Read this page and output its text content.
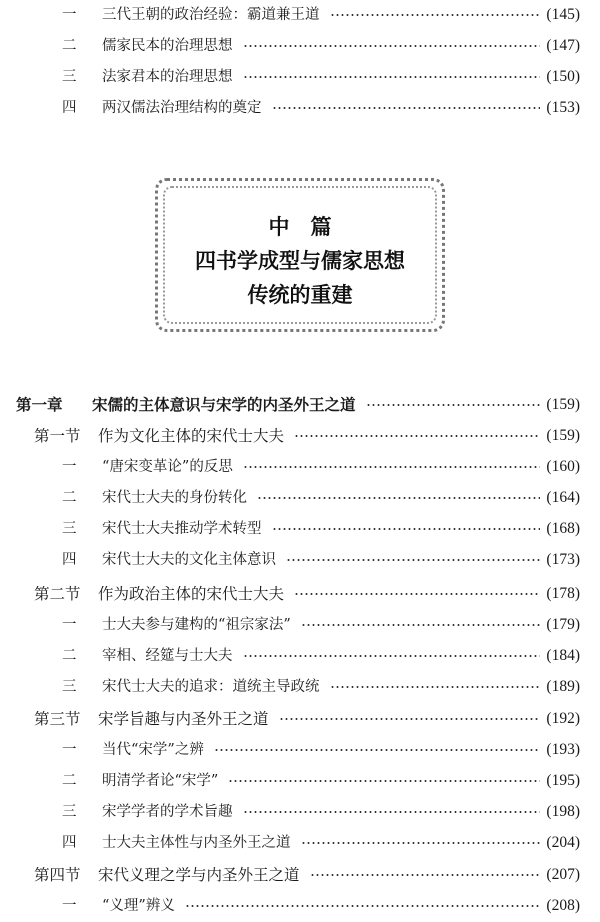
一	三代王朝的政治经验：霸道兼王道	(145)
二	儒家民本的治理思想	(147)
三	法家君本的治理思想	(150)
四	两汉儒法治理结构的奠定	(153)
中　篇
四书学成型与儒家思想
传统的重建
第一章	宋儒的主体意识与宋学的内圣外王之道	(159)
第一节	作为文化主体的宋代士大夫	(159)
一	“唐宋变革论”的反思	(160)
二	宋代士大夫的身份转化	(164)
三	宋代士大夫推动学术转型	(168)
四	宋代士大夫的文化主体意识	(173)
第二节	作为政治主体的宋代士大夫	(178)
一	士大夫参与建构的“祖宗家法”	(179)
二	宰相、经筵与士大夫	(184)
三	宋代士大夫的追求：道统主导政统	(189)
第三节	宋学旨趣与内圣外王之道	(192)
一	当代“宋学”之辨	(193)
二	明清学者论“宋学”	(195)
三	宋学学者的学术旨趣	(198)
四	士大夫主体性与内圣外王之道	(204)
第四节	宋代义理之学与内圣外王之道	(207)
一	“义理”辨义	(208)
